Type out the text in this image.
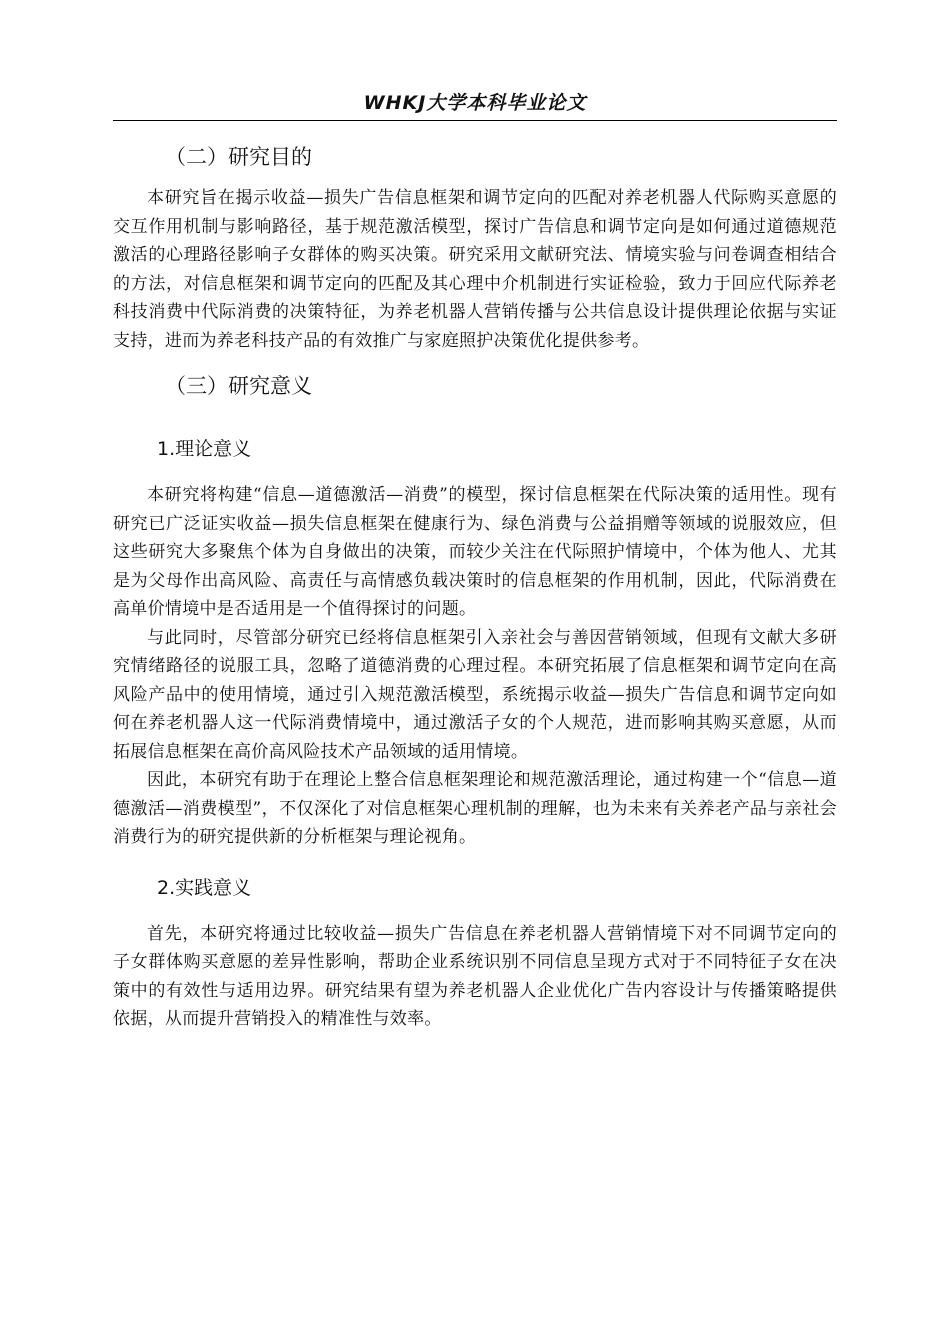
WHKJ大学本科毕业论文
（二）研究目的

本研究旨在揭示收益—损失广告信息框架和调节定向的匹配对养老机器人代际购买意愿的交互作用机制与影响路径，基于规范激活模型，探讨广告信息和调节定向是如何通过道德规范激活的心理路径影响子女群体的购买决策。研究采用文献研究法、情境实验与问卷调查相结合的方法，对信息框架和调节定向的匹配及其心理中介机制进行实证检验，致力于回应代际养老科技消费中代际消费的决策特征，为养老机器人营销传播与公共信息设计提供理论依据与实证支持，进而为养老科技产品的有效推广与家庭照护决策优化提供参考。

（三）研究意义
1.理论意义

本研究将构建“信息—道德激活—消费”的模型，探讨信息框架在代际决策的适用性。现有研究已广泛证实收益—损失信息框架在健康行为、绿色消费与公益捐赠等领域的说服效应，但这些研究大多聚焦个体为自身做出的决策，而较少关注在代际照护情境中，个体为他人、尤其是为父母作出高风险、高责任与高情感负载决策时的信息框架的作用机制，因此，代际消费在高单价情境中是否适用是一个值得探讨的问题。

与此同时，尽管部分研究已经将信息框架引入亲社会与善因营销领域，但现有文献大多研究情绪路径的说服工具，忽略了道德消费的心理过程。本研究拓展了信息框架和调节定向在高风险产品中的使用情境，通过引入规范激活模型，系统揭示收益—损失广告信息和调节定向如何在养老机器人这一代际消费情境中，通过激活子女的个人规范，进而影响其购买意愿，从而拓展信息框架在高价高风险技术产品领域的适用情境。

因此，本研究有助于在理论上整合信息框架理论和规范激活理论，通过构建一个“信息—道德激活—消费模型”，不仅深化了对信息框架心理机制的理解，也为未来有关养老产品与亲社会消费行为的研究提供新的分析框架与理论视角。

2.实践意义

首先，本研究将通过比较收益—损失广告信息在养老机器人营销情境下对不同调节定向的子女群体购买意愿的差异性影响，帮助企业系统识别不同信息呈现方式对于不同特征子女在决策中的有效性与适用边界。研究结果有望为养老机器人企业优化广告内容设计与传播策略提供依据，从而提升营销投入的精准性与效率。
